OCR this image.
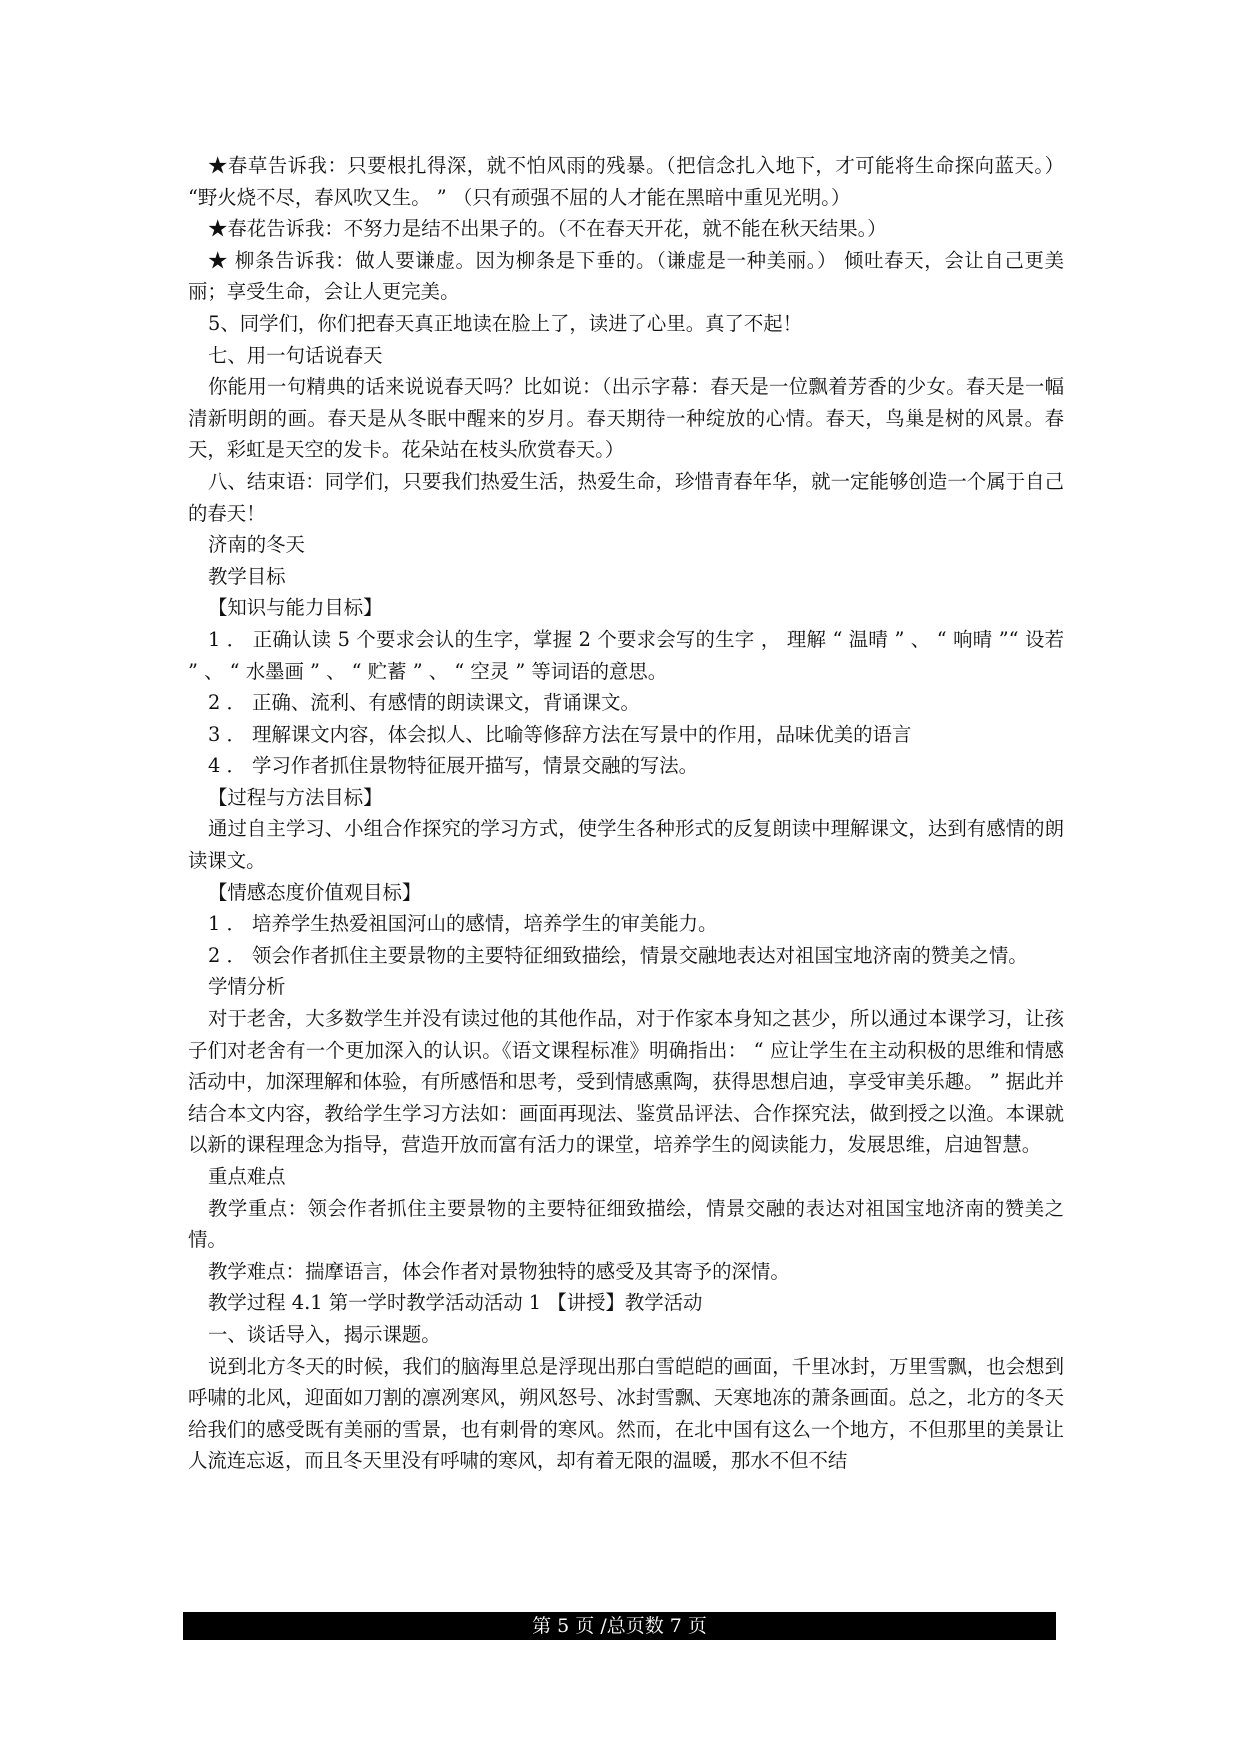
★春草告诉我：只要根扎得深，就不怕风雨的残暴。（把信念扎入地下，才可能将生命探向蓝天。） “野火烧不尽，春风吹又生。 ” （只有顽强不屈的人才能在黑暗中重见光明。）

★春花告诉我：不努力是结不出果子的。（不在春天开花，就不能在秋天结果。）

★ 柳条告诉我：做人要谦虚。因为柳条是下垂的。（谦虚是一种美丽。） 倾吐春天，会让自己更美丽；享受生命，会让人更完美。

5、同学们，你们把春天真正地读在脸上了，读进了心里。真了不起！

七、用一句话说春天

你能用一句精典的话来说说春天吗？比如说：（出示字幕：春天是一位飘着芳香的少女。春天是一幅清新明朗的画。春天是从冬眠中醒来的岁月。春天期待一种绽放的心情。春天，鸟巢是树的风景。春天，彩虹是天空的发卡。花朵站在枝头欣赏春天。）

八、结束语：同学们，只要我们热爱生活，热爱生命，珍惜青春年华，就一定能够创造一个属于自己的春天！

济南的冬天

教学目标

【知识与能力目标】

1 ． 正确认读 5 个要求会认的生字，掌握 2 个要求会写的生字 ， 理解 “ 温晴 ” 、 “ 响晴 ”“ 设若 ” 、 “ 水墨画 ” 、 “ 贮蓄 ” 、 “ 空灵 ” 等词语的意思。

2 ． 正确、流利、有感情的朗读课文，背诵课文。

3 ． 理解课文内容，体会拟人、比喻等修辞方法在写景中的作用，品味优美的语言

4 ． 学习作者抓住景物特征展开描写，情景交融的写法。

【过程与方法目标】

通过自主学习、小组合作探究的学习方式，使学生各种形式的反复朗读中理解课文，达到有感情的朗读课文。

【情感态度价值观目标】

1 ． 培养学生热爱祖国河山的感情，培养学生的审美能力。

2 ． 领会作者抓住主要景物的主要特征细致描绘，情景交融地表达对祖国宝地济南的赞美之情。

学情分析

对于老舍，大多数学生并没有读过他的其他作品，对于作家本身知之甚少，所以通过本课学习，让孩子们对老舍有一个更加深入的认识。《语文课程标准》明确指出： “ 应让学生在主动积极的思维和情感活动中，加深理解和体验，有所感悟和思考，受到情感熏陶，获得思想启迪，享受审美乐趣。 ” 据此并结合本文内容，教给学生学习方法如：画面再现法、鉴赏品评法、合作探究法，做到授之以渔。本课就以新的课程理念为指导，营造开放而富有活力的课堂，培养学生的阅读能力，发展思维，启迪智慧。

重点难点

教学重点：领会作者抓住主要景物的主要特征细致描绘，情景交融的表达对祖国宝地济南的赞美之情。

教学难点：揣摩语言，体会作者对景物独特的感受及其寄予的深情。

教学过程 4.1 第一学时教学活动活动 1 【讲授】教学活动

一、谈话导入，揭示课题。

说到北方冬天的时候，我们的脑海里总是浮现出那白雪皑皑的画面，千里冰封，万里雪飘，也会想到呼啸的北风，迎面如刀割的凛冽寒风，朔风怒号、冰封雪飘、天寒地冻的萧条画面。总之，北方的冬天给我们的感受既有美丽的雪景，也有刺骨的寒风。然而，在北中国有这么一个地方，不但那里的美景让人流连忘返，而且冬天里没有呼啸的寒风，却有着无限的温暖，那水不但不结

第 5 页 /总页数 7 页
